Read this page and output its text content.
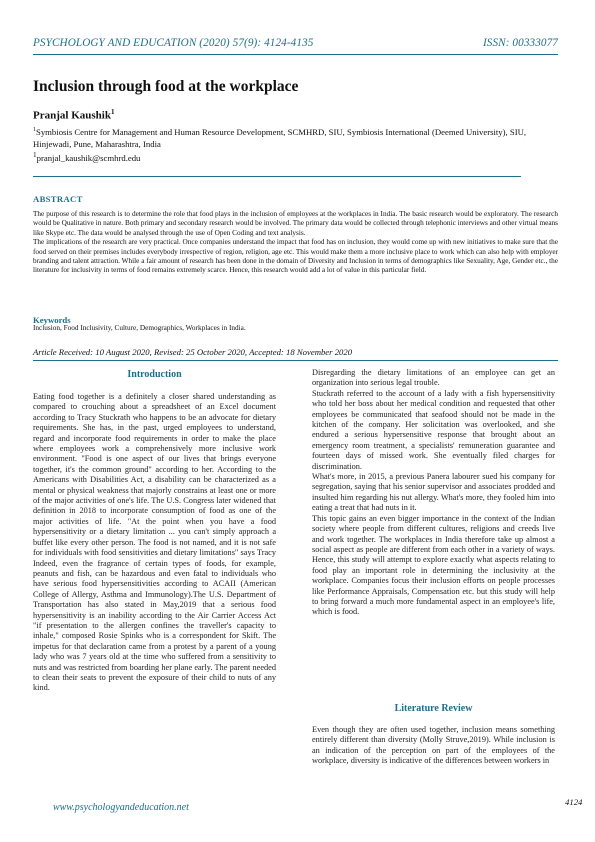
PSYCHOLOGY AND EDUCATION (2020) 57(9): 4124-4135	ISSN: 00333077
Inclusion through food at the workplace
Pranjal Kaushik$^1$
$^1$Symbiosis Centre for Management and Human Resource Development, SCMHRD, SIU, Symbiosis International (Deemed University), SIU, Hinjewadi, Pune, Maharashtra, India
$^1$pranjal_kaushik@scmhrd.edu
ABSTRACT

The purpose of this research is to determine the role that food plays in the inclusion of employees at the workplaces in India. The basic research would be exploratory. The research would be Qualitative in nature. Both primary and secondary research would be involved. The primary data would be collected through telephonic interviews and other virtual means like Skype etc. The data would be analysed through the use of Open Coding and text analysis.

The implications of the research are very practical. Once companies understand the impact that food has on inclusion, they would come up with new initiatives to make sure that the food served on their premises includes everybody irrespective of region, religion, age etc. This would make them a more inclusive place to work which can also help with employer branding and talent attraction. While a fair amount of research has been done in the domain of Diversity and Inclusion in terms of demographics like Sexuality, Age, Gender etc., the literature for inclusivity in terms of food remains extremely scarce. Hence, this research would add a lot of value in this particular field.

Keywords
Inclusion, Food Inclusivity, Culture, Demographics, Workplaces in India.
Article Received: 10 August 2020, Revised: 25 October 2020, Accepted: 18 November 2020
Introduction

Eating food together is a definitely a closer shared understanding as compared to crouching about a spreadsheet of an Excel document according to Tracy Stuckrath who happens to be an advocate for dietary requirements. She has, in the past, urged employees to understand, regard and incorporate food requirements in order to make the place where employees work a comprehensively more inclusive work environment. "Food is one aspect of our lives that brings everyone together, it's the common ground" according to her. According to the Americans with Disabilities Act, a disability can be characterized as a mental or physical weakness that majorly constrains at least one or more of the major activities of one's life. The U.S. Congress later widened that definition in 2018 to incorporate consumption of food as one of the major activities of life. "At the point when you have a food hypersensitivity or a dietary limitation ... you can't simply approach a buffet like every other person. The food is not named, and it is not safe for individuals with food sensitivities and dietary limitations" says Tracy Indeed, even the fragrance of certain types of foods, for example, peanuts and fish, can be hazardous and even fatal to individuals who have serious food hypersensitivities according to ACAII (American College of Allergy, Asthma and Immunology).The U.S. Department of Transportation has also stated in May,2019 that a serious food hypersensitivity is an inability according to the Air Carrier Access Act "if presentation to the allergen confines the traveller's capacity to inhale," composed Rosie Spinks who is a correspondent for Skift. The impetus for that declaration came from a protest by a parent of a young lady who was 7 years old at the time who suffered from a sensitivity to nuts and was restricted from boarding her plane early. The parent needed to clean their seats to prevent the exposure of their child to nuts of any kind.

Disregarding the dietary limitations of an employee can get an organization into serious legal trouble.

Stuckrath referred to the account of a lady with a fish hypersensitivity who told her boss about her medical condition and requested that other employees be communicated that seafood should not be made in the kitchen of the company. Her solicitation was overlooked, and she endured a serious hypersensitive response that brought about an emergency room treatment, a specialists' remuneration guarantee and fourteen days of missed work. She eventually filed charges for discrimination.

What's more, in 2015, a previous Panera labourer sued his company for segregation, saying that his senior supervisor and associates prodded and insulted him regarding his nut allergy. What's more, they fooled him into eating a treat that had nuts in it.

This topic gains an even bigger importance in the context of the Indian society where people from different cultures, religions and creeds live and work together. The workplaces in India therefore take up almost a social aspect as people are different from each other in a variety of ways. Hence, this study will attempt to explore exactly what aspects relating to food play an important role in determining the inclusivity at the workplace. Companies focus their inclusion efforts on people processes like Performance Appraisals, Compensation etc. but this study will help to bring forward a much more fundamental aspect in an employee's life, which is food.

Literature Review

Even though they are often used together, inclusion means something entirely different than diversity (Molly Struve,2019). While inclusion is an indication of the perception on part of the employees of the workplace, diversity is indicative of the differences between workers in

www.psychologyandeducation.net	4124
